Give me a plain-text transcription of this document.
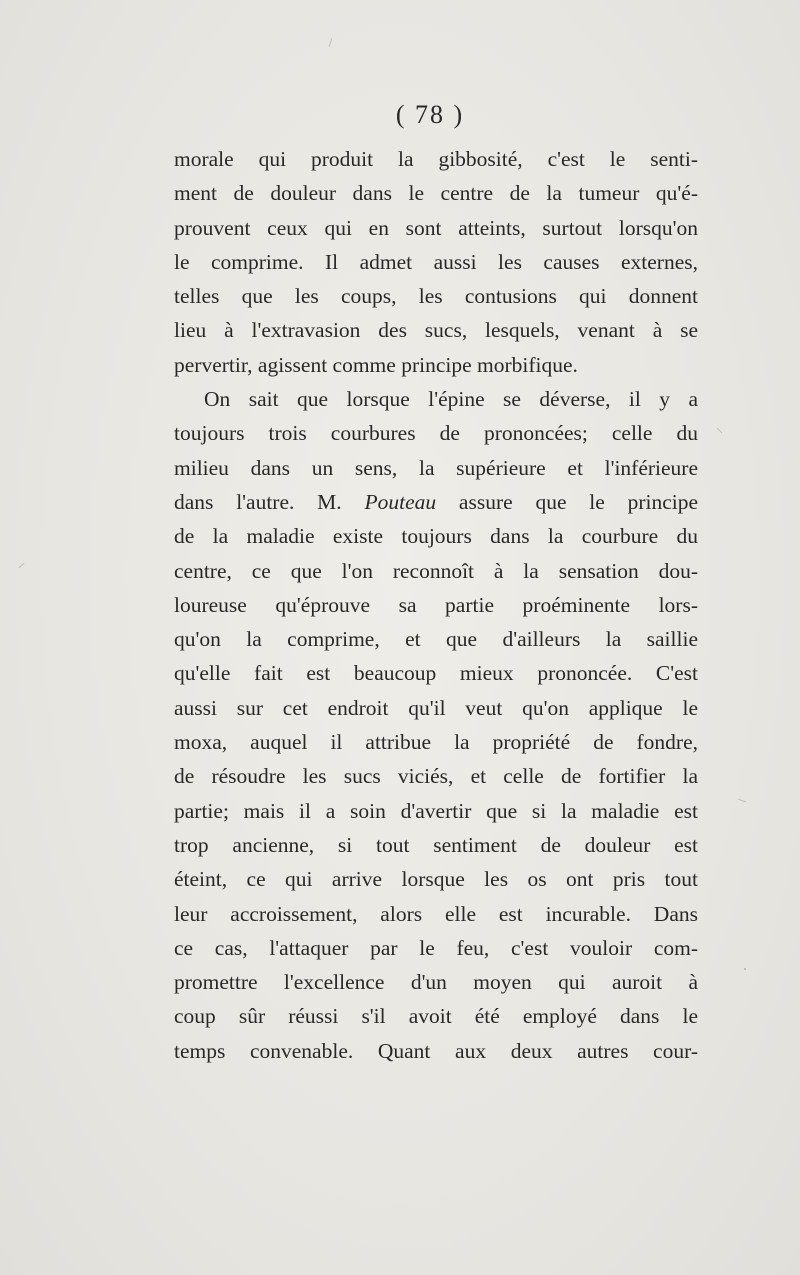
( 78 )
morale qui produit la gibbosité, c'est le senti-
ment de douleur dans le centre de la tumeur qu'é-
prouvent ceux qui en sont atteints, surtout lorsqu'on
le comprime. Il admet aussi les causes externes,
telles que les coups, les contusions qui donnent
lieu à l'extravasion des sucs, lesquels, venant à se
pervertir, agissent comme principe morbifique.
On sait que lorsque l'épine se déverse, il y a
toujours trois courbures de prononcées; celle du
milieu dans un sens, la supérieure et l'inférieure
dans l'autre. M. Pouteau assure que le principe
de la maladie existe toujours dans la courbure du
centre, ce que l'on reconnoît à la sensation dou-
loureuse qu'éprouve sa partie proéminente lors-
qu'on la comprime, et que d'ailleurs la saillie
qu'elle fait est beaucoup mieux prononcée. C'est
aussi sur cet endroit qu'il veut qu'on applique le
moxa, auquel il attribue la propriété de fondre,
de résoudre les sucs viciés, et celle de fortifier la
partie; mais il a soin d'avertir que si la maladie est
trop ancienne, si tout sentiment de douleur est
éteint, ce qui arrive lorsque les os ont pris tout
leur accroissement, alors elle est incurable. Dans
ce cas, l'attaquer par le feu, c'est vouloir com-
promettre l'excellence d'un moyen qui auroit à
coup sûr réussi s'il avoit été employé dans le
temps convenable. Quant aux deux autres cour-
